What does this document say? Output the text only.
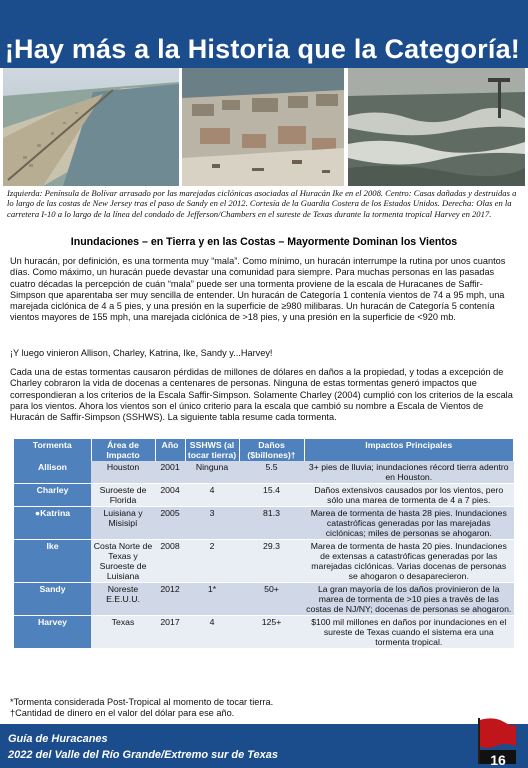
¡Hay más a la Historia que la Categoría!
Izquierda: Península de Bolívar arrasado por las marejadas ciclónicas asociadas al Huracán Ike en el 2008. Centro: Casas dañadas y destruidas a lo largo de las costas de New Jersey tras el paso de Sandy en el 2012. Cortesía de la Guardia Costera de los Estados Unidos. Derecha: Olas en la carretera I-10 a lo largo de la línea del condado de Jefferson/Chambers en el sureste de Texas durante la tormenta tropical Harvey en 2017.
Inundaciones – en Tierra y en las Costas – Mayormente Dominan los Vientos

Un huracán, por definición, es una tormenta muy “mala”. Como mínimo, un huracán interrumpe la rutina por unos cuantos días. Como máximo, un huracán puede devastar una comunidad para siempre. Para muchas personas en las pasadas cuatro décadas la percepción de cuán “mala” puede ser una tormenta proviene de la escala de Huracanes de Saffir-Simpson que aparentaba ser muy sencilla de entender. Un huracán de Categoría 1 contenía vientos de 74 a 95 mph, una marejada ciclónica de 4 a 5 pies, y una presión en la superficie de ≥980 milibaras. Un huracán de Categoría 5 contenía vientos mayores de 155 mph, una marejada ciclónica de >18 pies, y una presión en la superficie de <920 mb.

¡Y luego vinieron Allison, Charley, Katrina, Ike, Sandy y...Harvey!

Cada una de estas tormentas causaron pérdidas de millones de dólares en daños a la propiedad, y todas a excepción de Charley cobraron la vida de docenas a centenares de personas. Ninguna de estas tormentas generó impactos que correspondieran a los criterios de la Escala Saffir-Simpson. Solamente Charley (2004) cumplió con los criterios de la escala para los vientos. Ahora los vientos son el único criterio para la escala que cambió su nombre a Escala de Vientos de Huracán de Saffir-Simpson (SSHWS). La siguiente tabla resume cada tormenta.

Tormenta	Área de Impacto	Año	SSHWS (al tocar tierra)	Daños ($billones)†	Impactos Principales
Allison	Houston	2001	Ninguna	5.5	3+ pies de lluvia; inundaciones récord tierra adentro en Houston.
Charley	Suroeste de Florida	2004	4	15.4	Daños extensivos causados por los vientos, pero sólo una marea de tormenta de 4 a 7 pies.
●Katrina	Luisiana y Misisipí	2005	3	81.3	Marea de tormenta de hasta 28 pies. Inundaciones catastróficas generadas por las marejadas ciclónicas; miles de personas se ahogaron.
Ike	Costa Norte de Texas y Suroeste de Luisiana	2008	2	29.3	Marea de tormenta de hasta 20 pies. Inundaciones de extensas a catastróficas generadas por las marejadas ciclónicas. Varias docenas de personas se ahogaron o desaparecieron.
Sandy	Noreste E.E.U.U.	2012	1*	50+	La gran mayoría de los daños provinieron de la marea de tormenta de >10 pies a través de las costas de NJ/NY; docenas de personas se ahogaron.
Harvey	Texas	2017	4	125+	$100 mil millones en daños por inundaciones en el sureste de Texas cuando el sistema era una tormenta tropical.
*Tormenta considerada Post-Tropical al momento de tocar tierra.
†Cantidad de dinero en el valor del dólar para ese año.
Guía de Huracanes
2022 del Valle del Río Grande/Extremo sur de Texas	16
